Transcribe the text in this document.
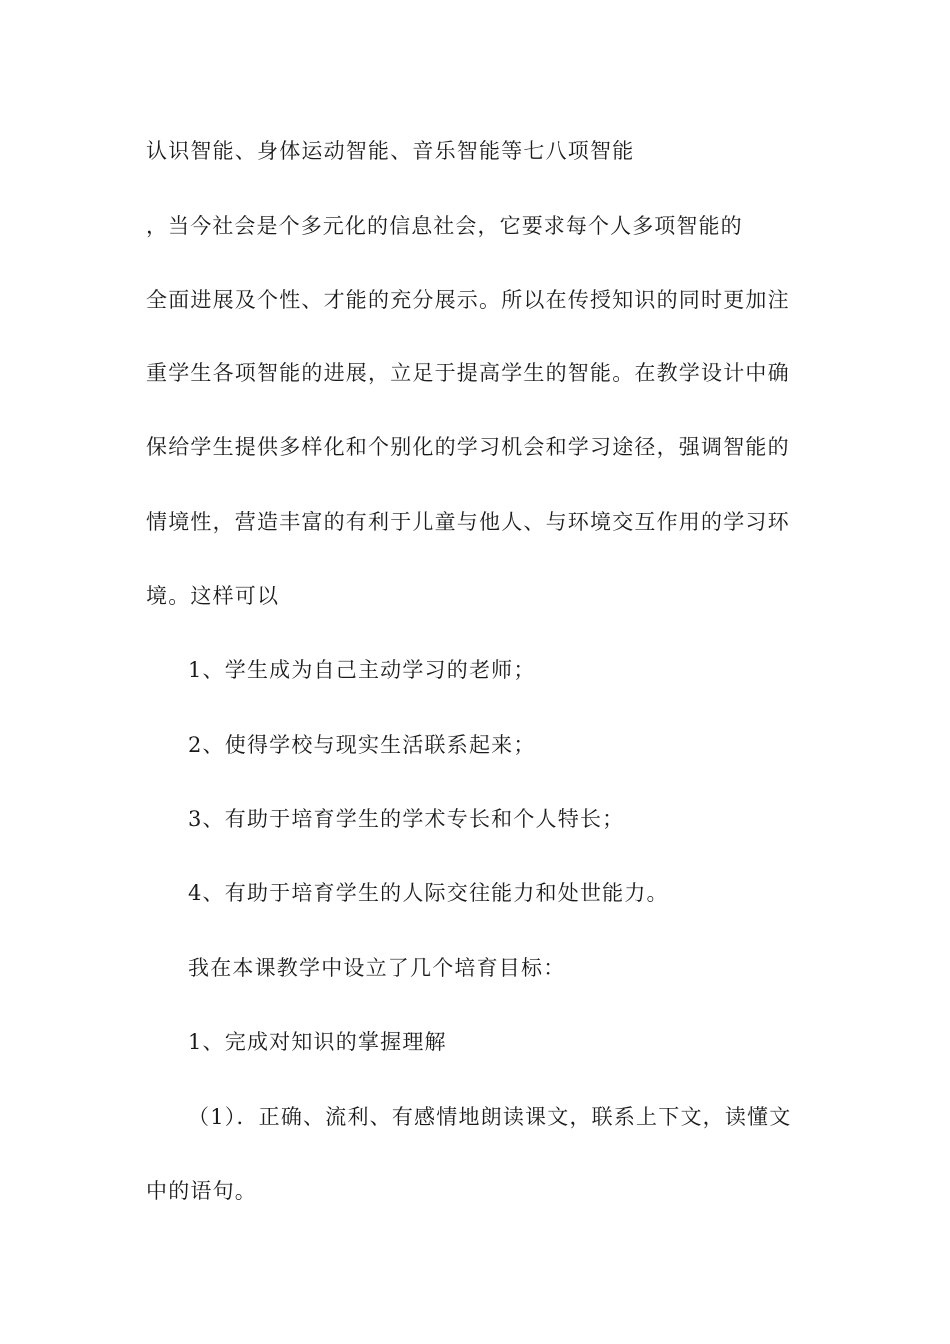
认识智能、身体运动智能、音乐智能等七八项智能
，当今社会是个多元化的信息社会，它要求每个人多项智能的
全面进展及个性、才能的充分展示。所以在传授知识的同时更加注
重学生各项智能的进展，立足于提高学生的智能。在教学设计中确
保给学生提供多样化和个别化的学习机会和学习途径，强调智能的
情境性，营造丰富的有利于儿童与他人、与环境交互作用的学习环
境。这样可以
1、学生成为自己主动学习的老师；
2、使得学校与现实生活联系起来；
3、有助于培育学生的学术专长和个人特长；
4、有助于培育学生的人际交往能力和处世能力。
我在本课教学中设立了几个培育目标：
1、完成对知识的掌握理解
（1）．正确、流利、有感情地朗读课文，联系上下文，读懂文
中的语句。
